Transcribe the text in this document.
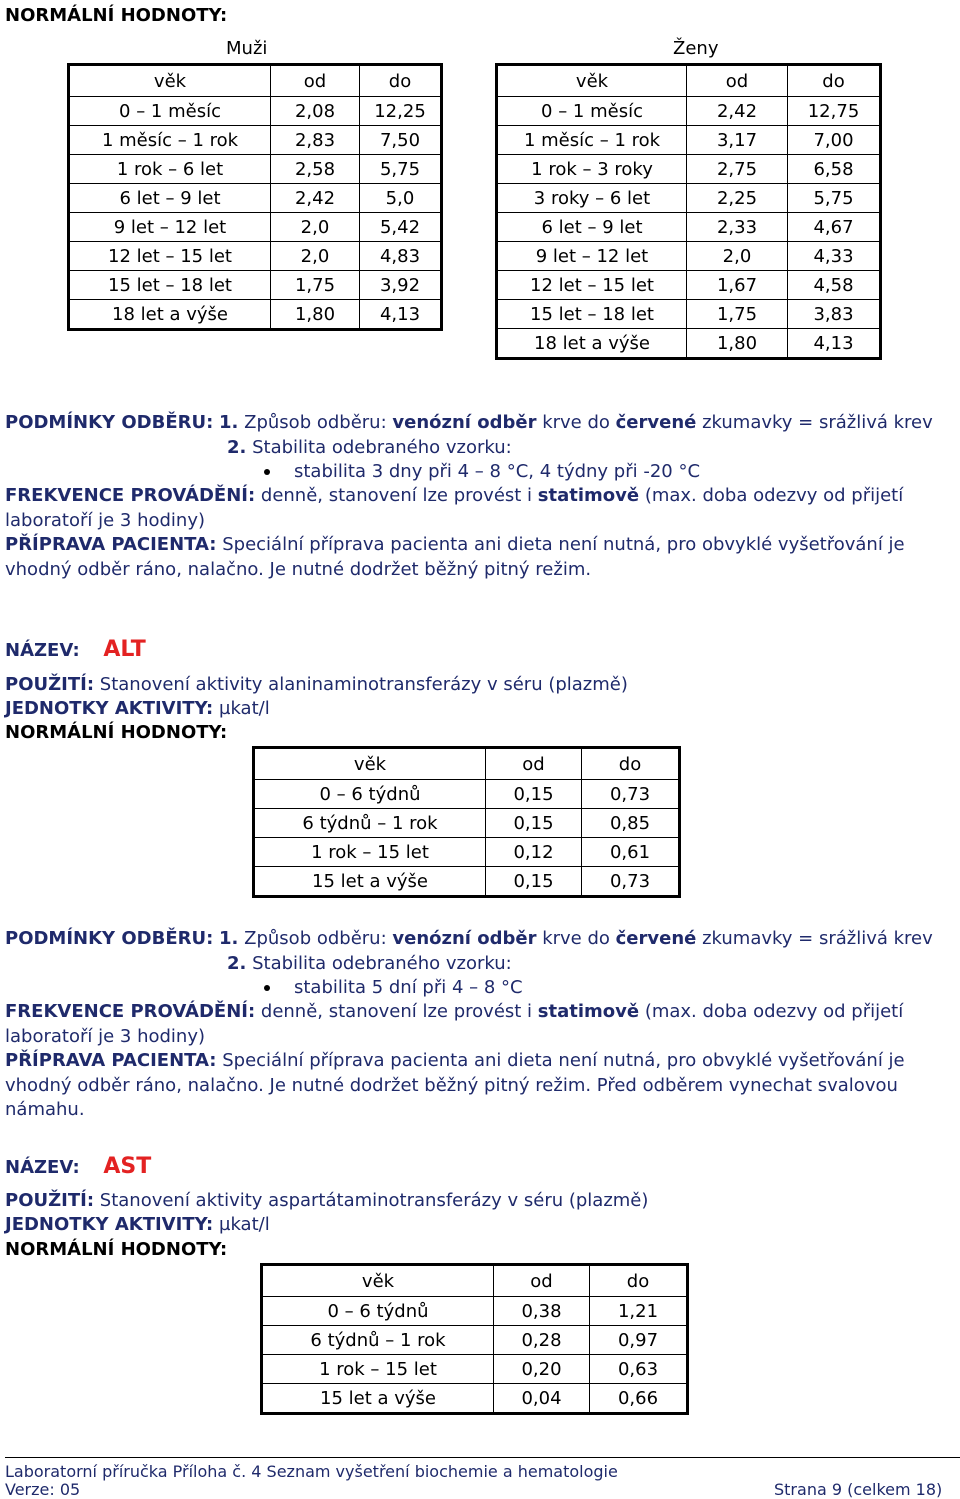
NORMÁLNÍ HODNOTY:
Muži	Ženy
věk	od	do
0 – 1 měsíc	2,08	12,25
1 měsíc – 1 rok	2,83	7,50
1 rok – 6 let	2,58	5,75
6 let – 9 let	2,42	5,0
9 let – 12 let	2,0	5,42
12 let – 15 let	2,0	4,83
15 let – 18 let	1,75	3,92
18 let a výše	1,80	4,13
věk	od	do
0 – 1 měsíc	2,42	12,75
1 měsíc – 1 rok	3,17	7,00
1 rok – 3 roky	2,75	6,58
3 roky – 6 let	2,25	5,75
6 let – 9 let	2,33	4,67
9 let – 12 let	2,0	4,33
12 let – 15 let	1,67	4,58
15 let – 18 let	1,75	3,83
18 let a výše	1,80	4,13
PODMÍNKY ODBĚRU: 1. Způsob odběru: venózní odběr krve do červené zkumavky = srážlivá krev
2. Stabilita odebraného vzorku:
stabilita 3 dny při 4 – 8 °C, 4 týdny při -20 °C
FREKVENCE PROVÁDĚNÍ: denně, stanovení lze provést i statimově (max. doba odezvy od přijetí
laboratoří je 3 hodiny)
PŘÍPRAVA PACIENTA: Speciální příprava pacienta ani dieta není nutná, pro obvyklé vyšetřování je
vhodný odběr ráno, nalačno. Je nutné dodržet běžný pitný režim.
NÁZEV: ALT
POUŽITÍ: Stanovení aktivity alaninaminotransferázy v séru (plazmě)
JEDNOTKY AKTIVITY: µkat/l
NORMÁLNÍ HODNOTY:
věk	od	do
0 – 6 týdnů	0,15	0,73
6 týdnů – 1 rok	0,15	0,85
1 rok – 15 let	0,12	0,61
15 let a výše	0,15	0,73
PODMÍNKY ODBĚRU: 1. Způsob odběru: venózní odběr krve do červené zkumavky = srážlivá krev
2. Stabilita odebraného vzorku:
stabilita 5 dní při 4 – 8 °C
FREKVENCE PROVÁDĚNÍ: denně, stanovení lze provést i statimově (max. doba odezvy od přijetí
laboratoří je 3 hodiny)
PŘÍPRAVA PACIENTA: Speciální příprava pacienta ani dieta není nutná, pro obvyklé vyšetřování je
vhodný odběr ráno, nalačno. Je nutné dodržet běžný pitný režim. Před odběrem vynechat svalovou
námahu.
NÁZEV: AST
POUŽITÍ: Stanovení aktivity aspartátaminotransferázy v séru (plazmě)
JEDNOTKY AKTIVITY: µkat/l
NORMÁLNÍ HODNOTY:
věk	od	do
0 – 6 týdnů	0,38	1,21
6 týdnů – 1 rok	0,28	0,97
1 rok – 15 let	0,20	0,63
15 let a výše	0,04	0,66
Laboratorní příručka Příloha č. 4 Seznam vyšetření biochemie a hematologie
Verze: 05	Strana 9 (celkem 18)
